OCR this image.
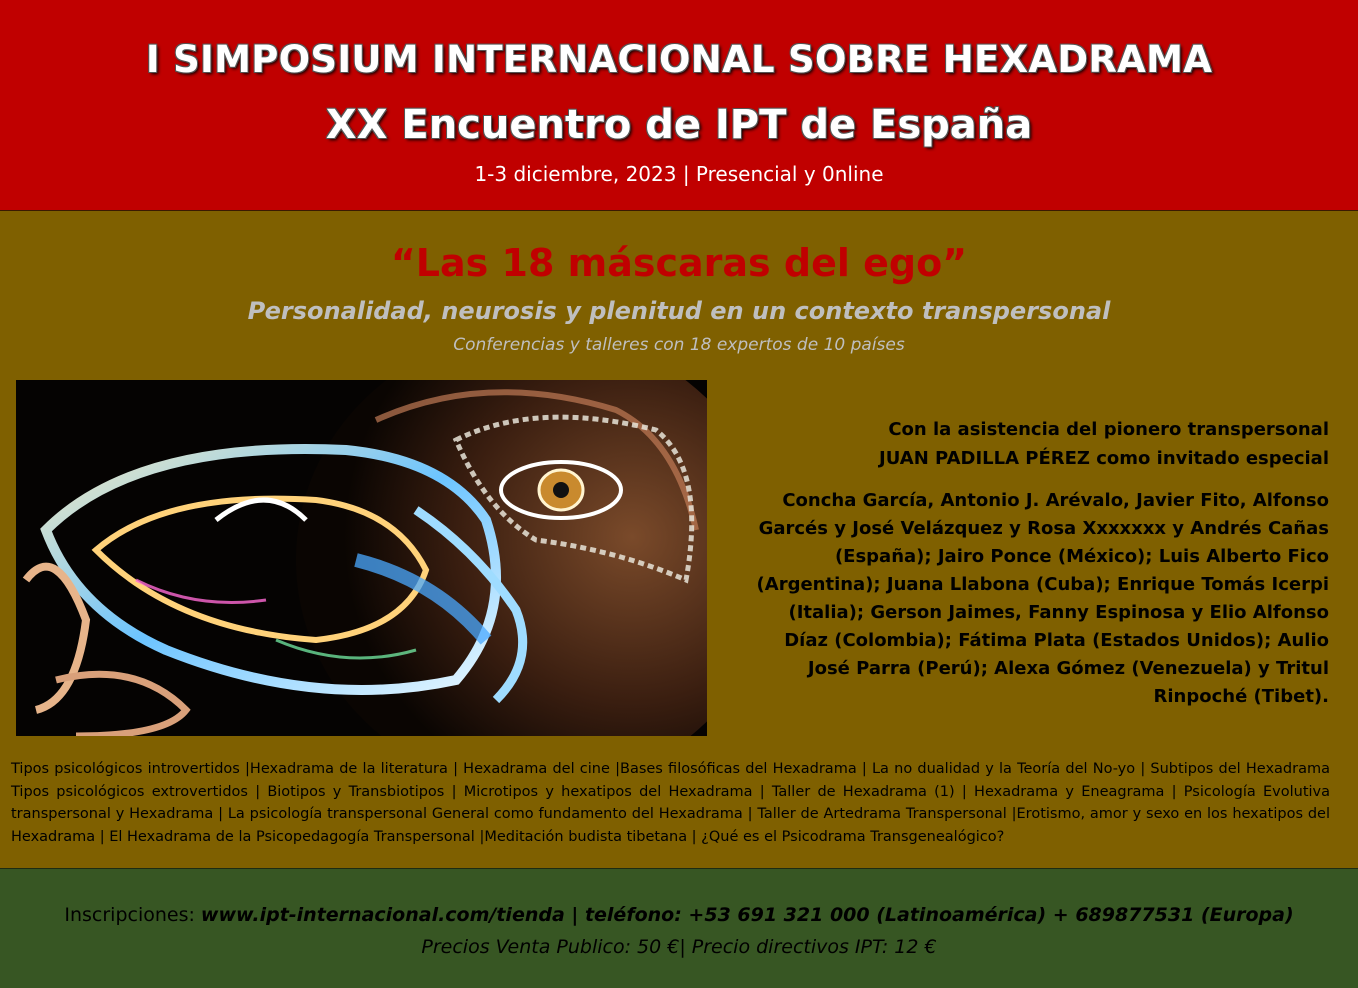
I SIMPOSIUM INTERNACIONAL SOBRE HEXADRAMA
XX Encuentro de IPT de España
1-3 diciembre, 2023 | Presencial y 0nline
“Las 18 máscaras del ego”
Personalidad, neurosis y plenitud en un contexto transpersonal
Conferencias y talleres con 18 expertos de 10 países
Con la asistencia del pionero transpersonal
JUAN PADILLA PÉREZ como invitado especial
Concha García, Antonio J. Arévalo, Javier Fito, Alfonso Garcés y José Velázquez y Rosa Xxxxxxx y Andrés Cañas (España); Jairo Ponce (México); Luis Alberto Fico (Argentina); Juana Llabona (Cuba); Enrique Tomás Icerpi (Italia); Gerson Jaimes, Fanny Espinosa y Elio Alfonso Díaz (Colombia); Fátima Plata (Estados Unidos); Aulio José Parra (Perú); Alexa Gómez (Venezuela) y Tritul Rinpoché (Tibet).
Tipos psicológicos introvertidos |Hexadrama de la literatura | Hexadrama del cine |Bases filosóficas del Hexadrama | La no dualidad y la Teoría del No-yo | Subtipos del Hexadrama Tipos psicológicos extrovertidos | Biotipos y Transbiotipos | Microtipos y hexatipos del Hexadrama | Taller de Hexadrama (1) | Hexadrama y Eneagrama | Psicología Evolutiva transpersonal y Hexadrama | La psicología transpersonal General como fundamento del Hexadrama | Taller de Artedrama Transpersonal |Erotismo, amor y sexo en los hexatipos del Hexadrama | El Hexadrama de la Psicopedagogía Transpersonal |Meditación budista tibetana | ¿Qué es el Psicodrama Transgenealógico?
Inscripciones: www.ipt-internacional.com/tienda | teléfono: +53 691 321 000 (Latinoamérica) + 689877531 (Europa)
Precios Venta Publico: 50 €| Precio directivos IPT: 12 €
